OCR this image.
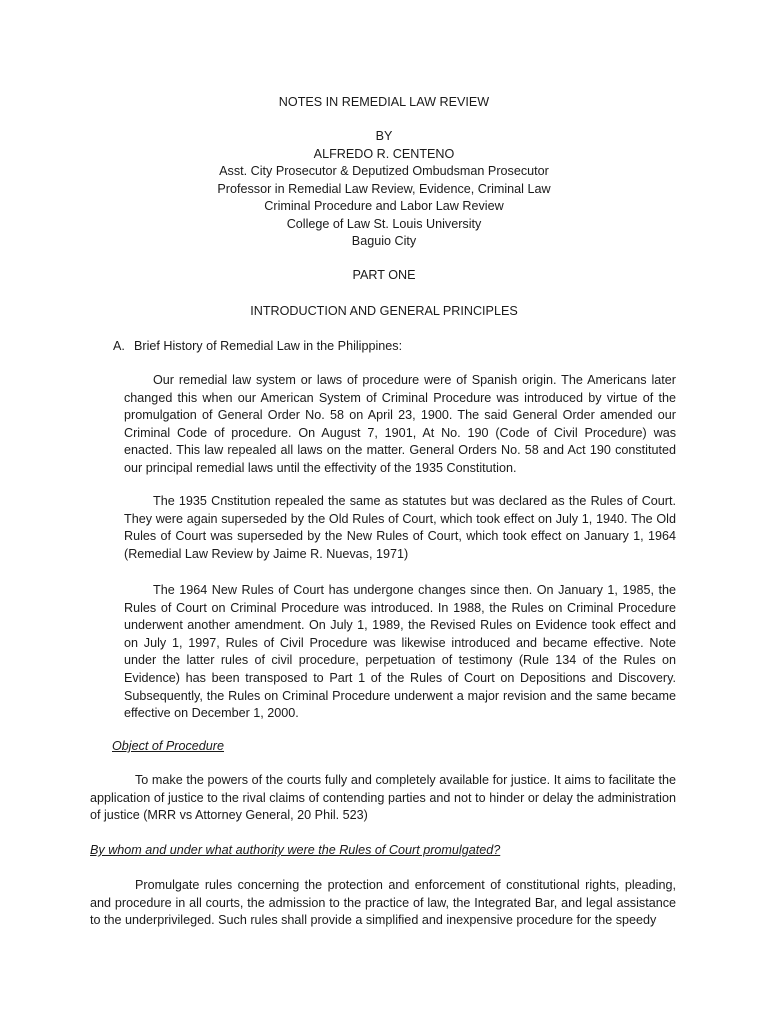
NOTES IN REMEDIAL LAW REVIEW
BY
ALFREDO R. CENTENO
Asst. City Prosecutor & Deputized Ombudsman Prosecutor
Professor in Remedial Law Review, Evidence, Criminal Law
Criminal Procedure and Labor Law Review
College of Law St. Louis University
Baguio City
PART ONE
INTRODUCTION AND GENERAL PRINCIPLES
A. Brief History of Remedial Law in the Philippines:

Our remedial law system or laws of procedure were of Spanish origin. The Americans later changed this when our American System of Criminal Procedure was introduced by virtue of the promulgation of General Order No. 58 on April 23, 1900. The said General Order amended our Criminal Code of procedure. On August 7, 1901, At No. 190 (Code of Civil Procedure) was enacted. This law repealed all laws on the matter. General Orders No. 58 and Act 190 constituted our principal remedial laws until the effectivity of the 1935 Constitution.

The 1935 Cnstitution repealed the same as statutes but was declared as the Rules of Court. They were again superseded by the Old Rules of Court, which took effect on July 1, 1940. The Old Rules of Court was superseded by the New Rules of Court, which took effect on January 1, 1964 (Remedial Law Review by Jaime R. Nuevas, 1971)

The 1964 New Rules of Court has undergone changes since then. On January 1, 1985, the Rules of Court on Criminal Procedure was introduced. In 1988, the Rules on Criminal Procedure underwent another amendment. On July 1, 1989, the Revised Rules on Evidence took effect and on July 1, 1997, Rules of Civil Procedure was likewise introduced and became effective. Note under the latter rules of civil procedure, perpetuation of testimony (Rule 134 of the Rules on Evidence) has been transposed to Part 1 of the Rules of Court on Depositions and Discovery. Subsequently, the Rules on Criminal Procedure underwent a major revision and the same became effective on December 1, 2000.

Object of Procedure

To make the powers of the courts fully and completely available for justice. It aims to facilitate the application of justice to the rival claims of contending parties and not to hinder or delay the administration of justice (MRR vs Attorney General, 20 Phil. 523)

By whom and under what authority were the Rules of Court promulgated?

Promulgate rules concerning the protection and enforcement of constitutional rights, pleading, and procedure in all courts, the admission to the practice of law, the Integrated Bar, and legal assistance to the underprivileged. Such rules shall provide a simplified and inexpensive procedure for the speedy
